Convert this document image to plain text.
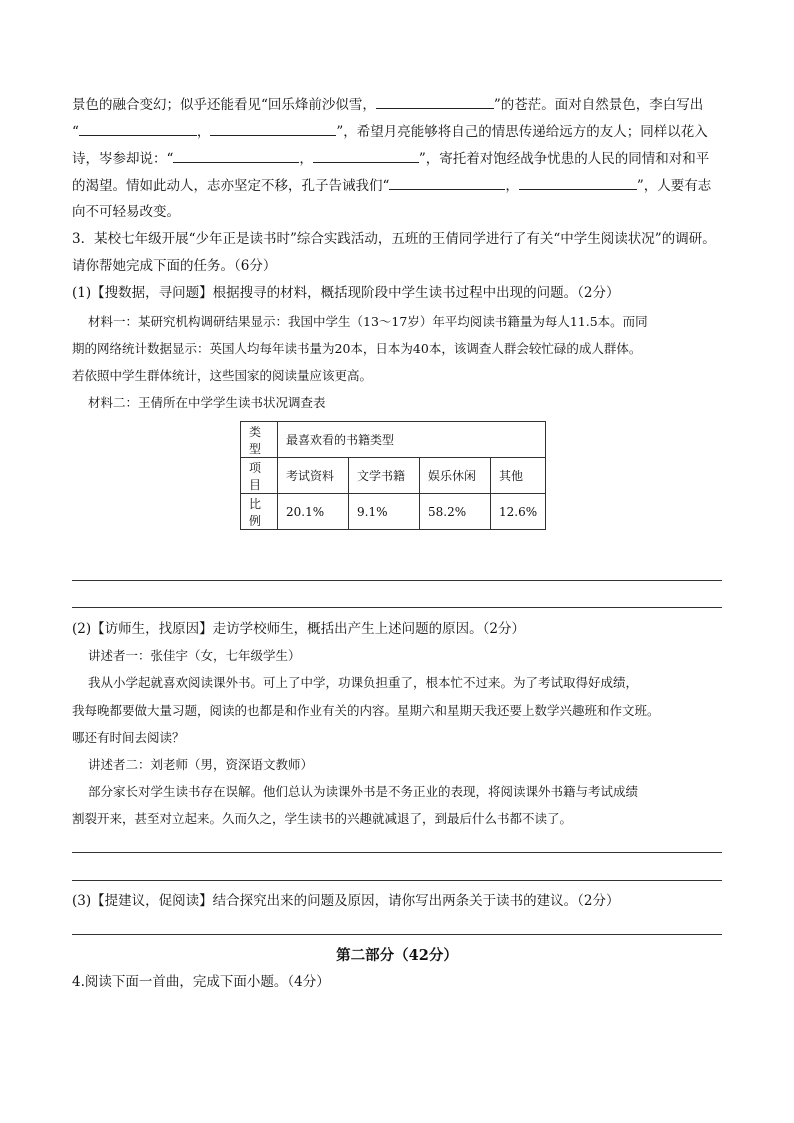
景色的融合变幻；似乎还能看见“回乐烽前沙似雪，	”的苍茫。面对自然景色，李白写出
“	，	”，希望月亮能够将自己的情思传递给远方的友人；同样以花入
诗，岑参却说：“	，	”，寄托着对饱经战争忧患的人民的同情和对和平
的渴望。情如此动人，志亦坚定不移，孔子告诫我们“	，	”，人要有志
向不可轻易改变。
3．某校七年级开展“少年正是读书时”综合实践活动，五班的王倩同学进行了有关“中学生阅读状况”的调研。
请你帮她完成下面的任务。（6分）
(1)【搜数据，寻问题】根据搜寻的材料，概括现阶段中学生读书过程中出现的问题。（2分）
材料一：某研究机构调研结果显示：我国中学生（13～17岁）年平均阅读书籍量为每人11.5本。而同
期的网络统计数据显示：英国人均每年读书量为20本，日本为40本，该调查人群会较忙碌的成人群体。
若依照中学生群体统计，这些国家的阅读量应该更高。
材料二：王倩所在中学学生读书状况调查表
类型	最喜欢看的书籍类型			
项目	考试资料	文学书籍	娱乐休闲	其他
比例	20.1%	9.1%	58.2%	12.6%
(2)【访师生，找原因】走访学校师生，概括出产生上述问题的原因。（2分）
讲述者一：张佳宇（女，七年级学生）
我从小学起就喜欢阅读课外书。可上了中学，功课负担重了，根本忙不过来。为了考试取得好成绩，
我每晚都要做大量习题，阅读的也都是和作业有关的内容。星期六和星期天我还要上数学兴趣班和作文班。
哪还有时间去阅读？
讲述者二：刘老师（男，资深语文教师）
部分家长对学生读书存在误解。他们总认为读课外书是不务正业的表现，将阅读课外书籍与考试成绩
割裂开来，甚至对立起来。久而久之，学生读书的兴趣就减退了，到最后什么书都不读了。
(3)【提建议，促阅读】结合探究出来的问题及原因，请你写出两条关于读书的建议。（2分）
第二部分（42分）
4.阅读下面一首曲，完成下面小题。（4分）
